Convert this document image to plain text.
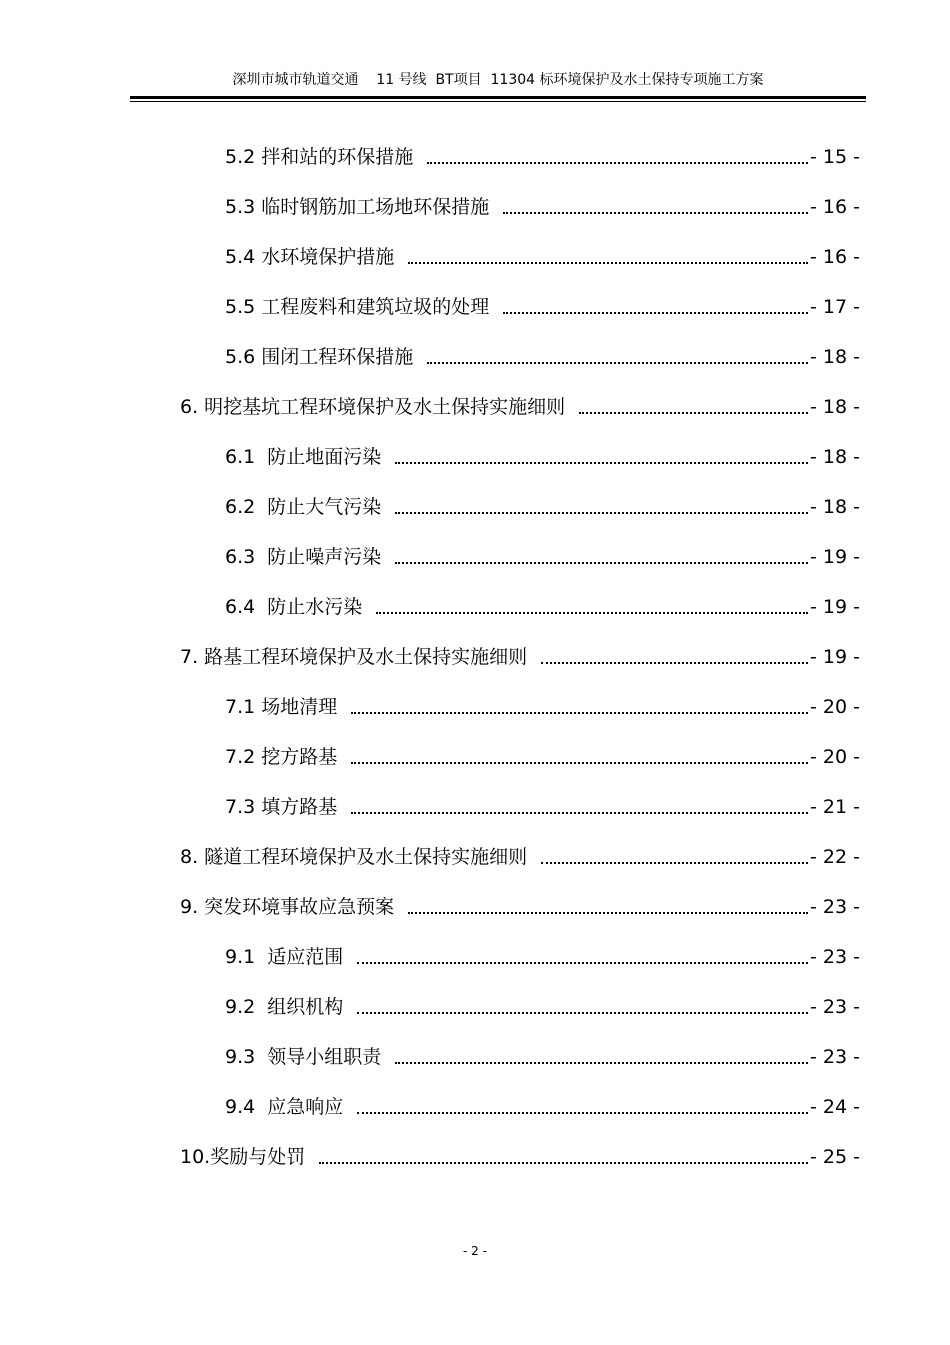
深圳市城市轨道交通    11 号线  BT项目  11304 标环境保护及水土保持专项施工方案
5.2 拌和站的环保措施	- 15 -
5.3 临时钢筋加工场地环保措施	- 16 -
5.4 水环境保护措施	- 16 -
5.5 工程废料和建筑垃圾的处理	- 17 -
5.6 围闭工程环保措施	- 18 -
6. 明挖基坑工程环境保护及水土保持实施细则	- 18 -
6.1  防止地面污染	- 18 -
6.2  防止大气污染	- 18 -
6.3  防止噪声污染	- 19 -
6.4  防止水污染	- 19 -
7. 路基工程环境保护及水土保持实施细则	- 19 -
7.1 场地清理	- 20 -
7.2 挖方路基	- 20 -
7.3 填方路基	- 21 -
8. 隧道工程环境保护及水土保持实施细则	- 22 -
9. 突发环境事故应急预案	- 23 -
9.1  适应范围	- 23 -
9.2  组织机构	- 23 -
9.3  领导小组职责	- 23 -
9.4  应急响应	- 24 -
10.奖励与处罚	- 25 -
- 2 -
